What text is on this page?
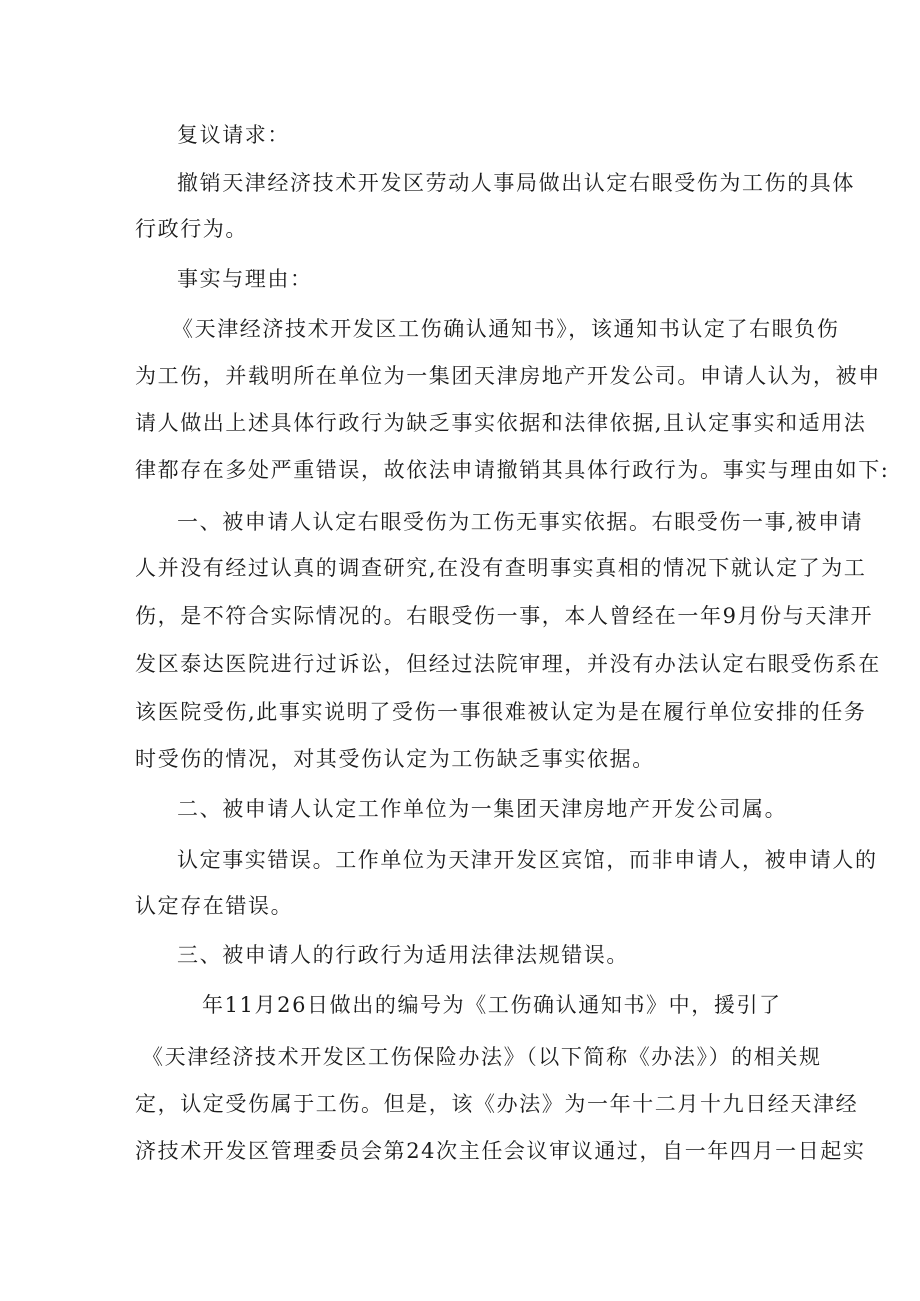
复议请求：
撤销天津经济技术开发区劳动人事局做出认定右眼受伤为工伤的具体
行政行为。
事实与理由：
《天津经济技术开发区工伤确认通知书》，该通知书认定了右眼负伤
为工伤，并载明所在单位为一集团天津房地产开发公司。申请人认为，被申
请人做出上述具体行政行为缺乏事实依据和法律依据,且认定事实和适用法
律都存在多处严重错误，故依法申请撤销其具体行政行为。事实与理由如下:
一、被申请人认定右眼受伤为工伤无事实依据。右眼受伤一事,被申请
人并没有经过认真的调查研究,在没有查明事实真相的情况下就认定了为工
伤，是不符合实际情况的。右眼受伤一事，本人曾经在一年9月份与天津开
发区泰达医院进行过诉讼，但经过法院审理，并没有办法认定右眼受伤系在
该医院受伤,此事实说明了受伤一事很难被认定为是在履行单位安排的任务
时受伤的情况，对其受伤认定为工伤缺乏事实依据。
二、被申请人认定工作单位为一集团天津房地产开发公司属。
认定事实错误。工作单位为天津开发区宾馆，而非申请人，被申请人的
认定存在错误。
三、被申请人的行政行为适用法律法规错误。
年11月26日做出的编号为《工伤确认通知书》中，援引了
《天津经济技术开发区工伤保险办法》（以下简称《办法》）的相关规
定，认定受伤属于工伤。但是，该《办法》为一年十二月十九日经天津经
济技术开发区管理委员会第24次主任会议审议通过，自一年四月一日起实
